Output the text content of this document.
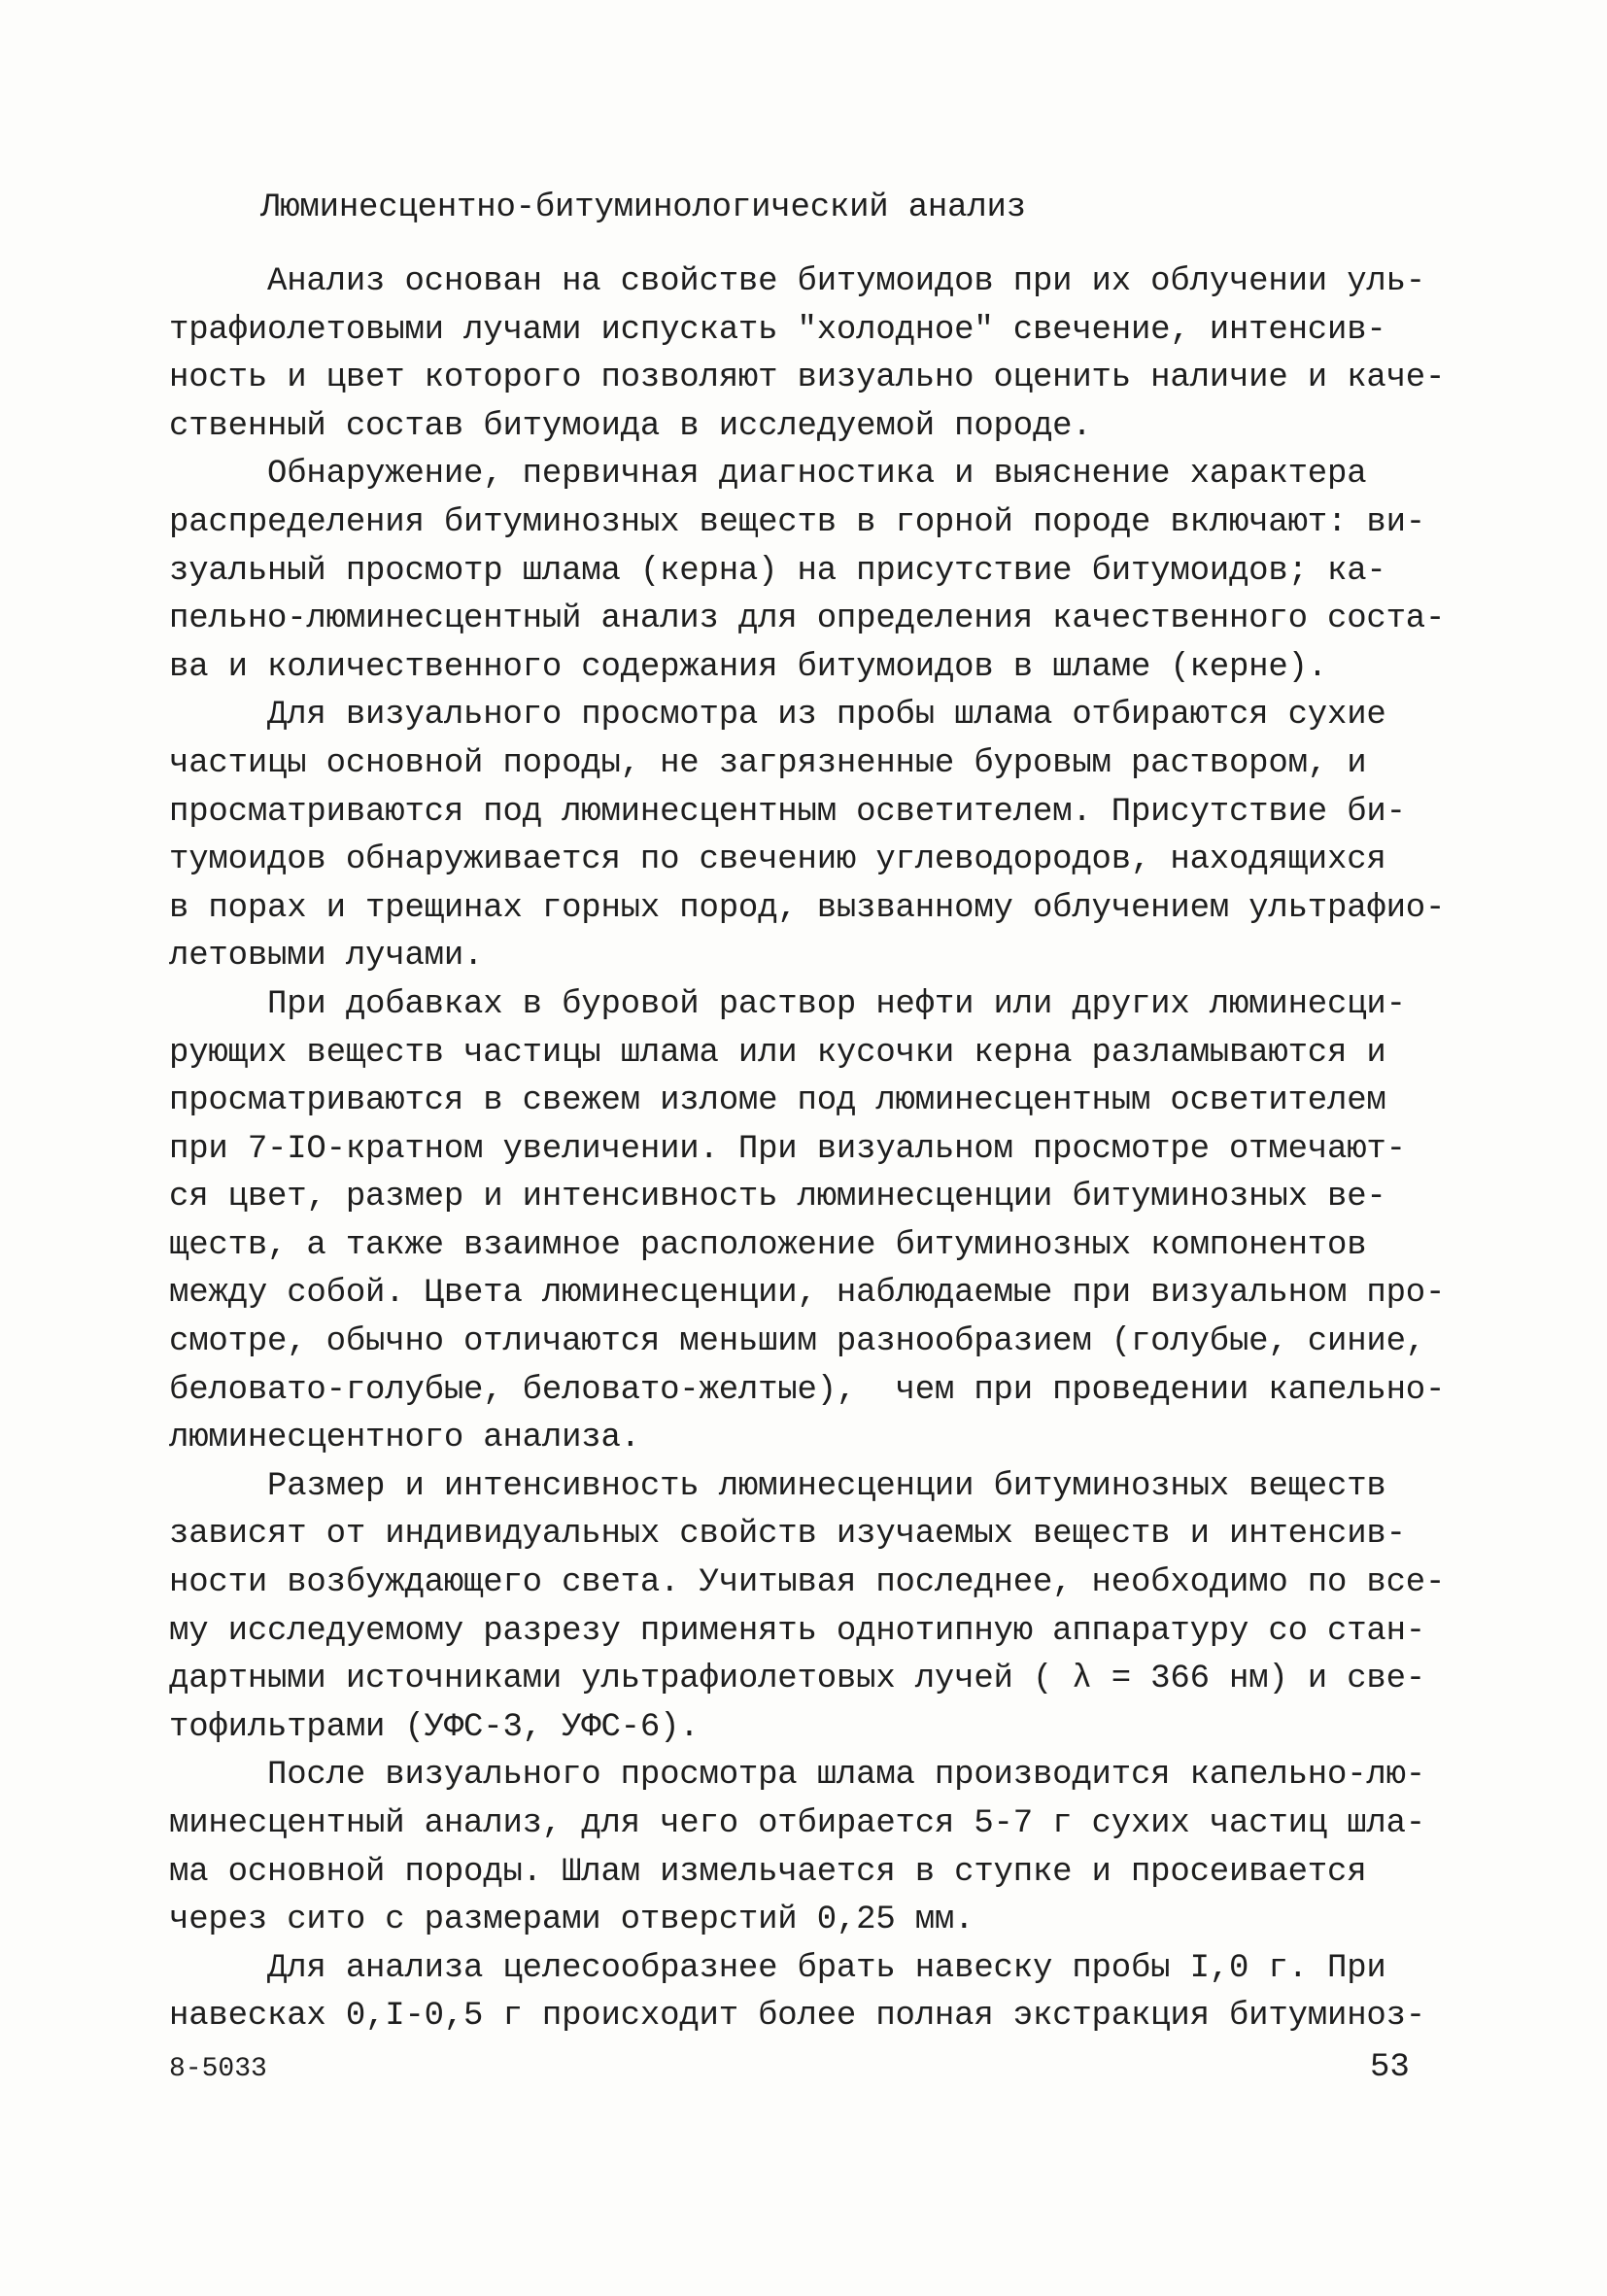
Люминесцентно-битуминологический анализ
Анализ основан на свойстве битумоидов при их облучении уль-
трафиолетовыми лучами испускать "холодное" свечение, интенсив-
ность и цвет которого позволяют визуально оценить наличие и каче-
ственный состав битумоида в исследуемой породе.
Обнаружение, первичная диагностика и выяснение характера
распределения битуминозных веществ в горной породе включают: ви-
зуальный просмотр шлама (керна) на присутствие битумоидов; ка-
пельно-люминесцентный анализ для определения качественного соста-
ва и количественного содержания битумоидов в шламе (керне).
Для визуального просмотра из пробы шлама отбираются сухие
частицы основной породы, не загрязненные буровым раствором, и
просматриваются под люминесцентным осветителем. Присутствие би-
тумоидов обнаруживается по свечению углеводородов, находящихся
в порах и трещинах горных пород, вызванному облучением ультрафио-
летовыми лучами.
При добавках в буровой раствор нефти или других люминесци-
рующих веществ частицы шлама или кусочки керна разламываются и
просматриваются в свежем изломе под люминесцентным осветителем
при 7-IO-кратном увеличении. При визуальном просмотре отмечают-
ся цвет, размер и интенсивность люминесценции битуминозных ве-
ществ, а также взаимное расположение битуминозных компонентов
между собой. Цвета люминесценции, наблюдаемые при визуальном про-
смотре, обычно отличаются меньшим разнообразием (голубые, синие,
беловато-голубые, беловато-желтые),  чем при проведении капельно-
люминесцентного анализа.
Размер и интенсивность люминесценции битуминозных веществ
зависят от индивидуальных свойств изучаемых веществ и интенсив-
ности возбуждающего света. Учитывая последнее, необходимо по все-
му исследуемому разрезу применять однотипную аппаратуру со стан-
дартными источниками ультрафиолетовых лучей ( λ = 366 нм) и све-
тофильтрами (УФС-3, УФС-6).
После визуального просмотра шлама производится капельно-лю-
минесцентный анализ, для чего отбирается 5-7 г сухих частиц шла-
ма основной породы. Шлам измельчается в ступке и просеивается
через сито с размерами отверстий 0,25 мм.
Для анализа целесообразнее брать навеску пробы I,0 г. При
навесках 0,I-0,5 г происходит более полная экстракция битуминоз-
8-5033	53
